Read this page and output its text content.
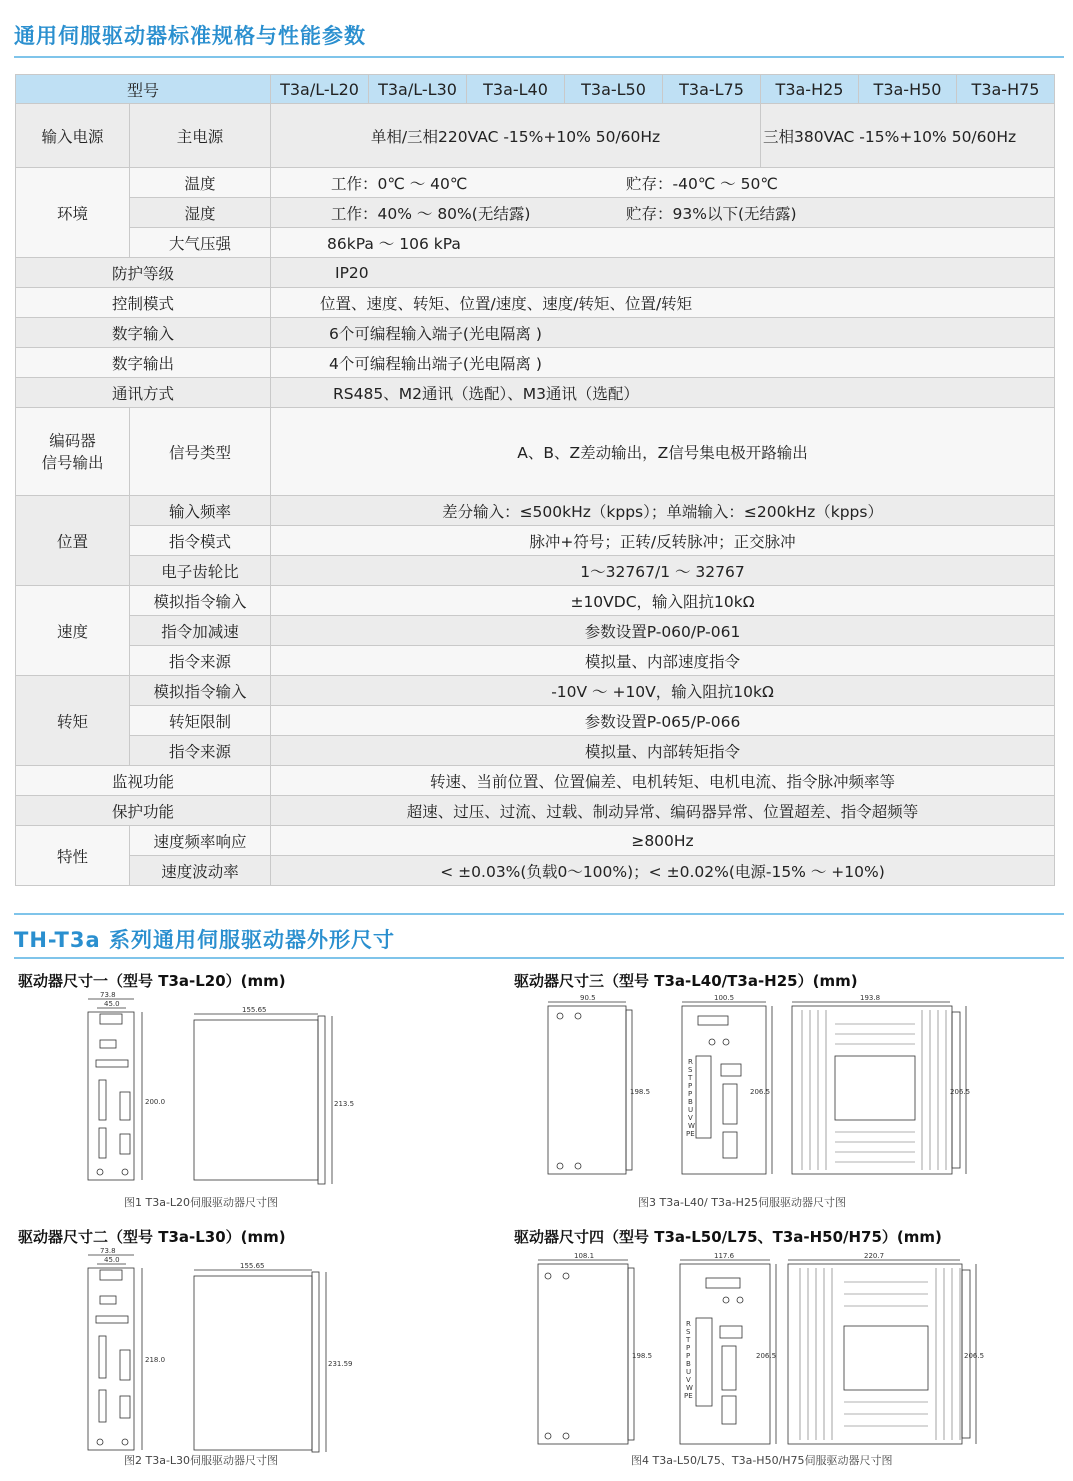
通用伺服驱动器标准规格与性能参数
型号		T3a/L-L20	T3a/L-L30	T3a-L40	T3a-L50	T3a-L75	T3a-H25	T3a-H50	T3a-H75
输入电源	主电源	单相/三相220VAC -15%+10% 50/60Hz					三相380VAC -15%+10% 50/60Hz		
环境	温度	工作：0℃ ～ 40℃ 贮存：-40℃ ～ 50℃							

	湿度	工作：40% ～ 80%(无结露) 贮存：93%以下(无结露)							

	大气压强	86kPa ～ 106 kPa							

防护等级		IP20							
控制模式		位置、速度、转矩、位置/速度、速度/转矩、位置/转矩							
数字输入		6个可编程输入端子(光电隔离 )							
数字输出		4个可编程输出端子(光电隔离 )							
通讯方式		RS485、M2通讯（选配）、M3通讯（选配）							

编码器
信号输出	信号类型	A、B、Z差动输出，Z信号集电极开路输出							
位置	输入频率	差分输入：≤500kHz（kpps）；单端输入：≤200kHz（kpps）							
	指令模式	脉冲+符号；正转/反转脉冲；正交脉冲							
	电子齿轮比	1～32767/1 ～ 32767							
速度	模拟指令输入	±10VDC，输入阻抗10kΩ							
	指令加减速	参数设置P-060/P-061							
	指令来源	模拟量、内部速度指令							
转矩	模拟指令输入	-10V ～ +10V，输入阻抗10kΩ							
	转矩限制	参数设置P-065/P-066							
	指令来源	模拟量、内部转矩指令							
监视功能		转速、当前位置、位置偏差、电机转矩、电机电流、指令脉冲频率等							
保护功能		超速、过压、过流、过载、制动异常、编码器异常、位置超差、指令超频等							
特性	速度频率响应	≥800Hz							
	速度波动率	< ±0.03%(负载0～100%)；< ±0.02%(电源-15% ～ +10%)							
TH-T3a 系列通用伺服驱动器外形尺寸
驱动器尺寸一（型号 T3a-L20）(mm)	驱动器尺寸三（型号 T3a-L40/T3a-H25）(mm)
驱动器尺寸二（型号 T3a-L30）(mm)	驱动器尺寸四（型号 T3a-L50/L75、T3a-H50/H75）(mm)
73.8
45.0
200.0
155.65
213.5
图1 T3a-L20伺服驱动器尺寸图
73.8
45.0
218.0
155.65
231.59
图2 T3a-L30伺服驱动器尺寸图
90.5
198.5
100.5
206.5
193.8
206.5
R
S
T
P
P
B
U
V
W
PE
图3 T3a-L40/ T3a-H25伺服驱动器尺寸图
108.1
198.5
117.6
206.5
220.7
206.5
R
S
T
P
P
B
U
V
W
PE
图4 T3a-L50/L75、T3a-H50/H75伺服驱动器尺寸图
